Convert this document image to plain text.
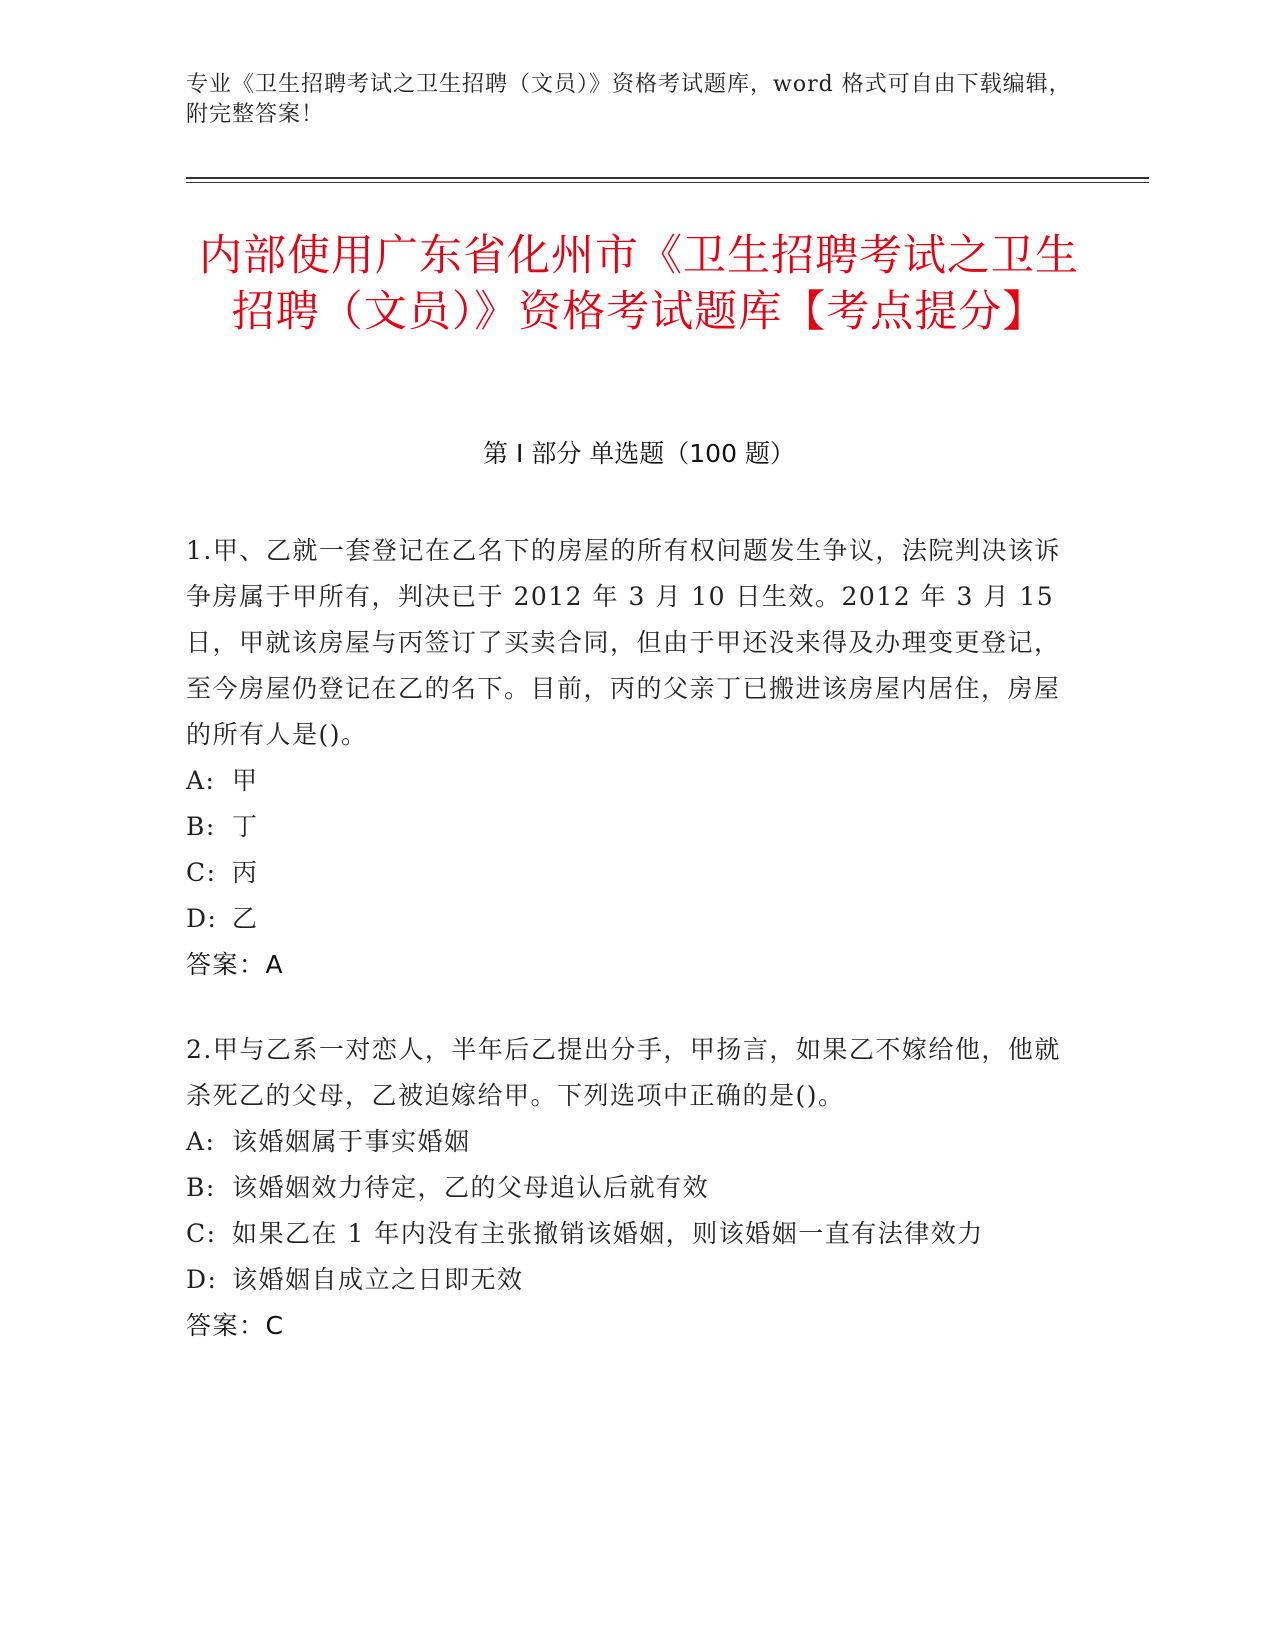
专业《卫生招聘考试之卫生招聘（文员）》资格考试题库，word 格式可自由下载编辑，附完整答案！
内部使用广东省化州市《卫生招聘考试之卫生招聘（文员）》资格考试题库【考点提分】
第 I 部分 单选题（100 题）

1.甲、乙就一套登记在乙名下的房屋的所有权问题发生争议，法院判决该诉争房属于甲所有，判决已于 2012 年 3 月 10 日生效。2012 年 3 月 15 日，甲就该房屋与丙签订了买卖合同，但由于甲还没来得及办理变更登记，至今房屋仍登记在乙的名下。目前，丙的父亲丁已搬进该房屋内居住，房屋的所有人是()。

A: 甲

B: 丁

C: 丙

D: 乙

答案：A

2.甲与乙系一对恋人，半年后乙提出分手，甲扬言，如果乙不嫁给他，他就杀死乙的父母，乙被迫嫁给甲。下列选项中正确的是()。

A: 该婚姻属于事实婚姻

B: 该婚姻效力待定，乙的父母追认后就有效

C: 如果乙在 1 年内没有主张撤销该婚姻，则该婚姻一直有法律效力

D: 该婚姻自成立之日即无效

答案：C
